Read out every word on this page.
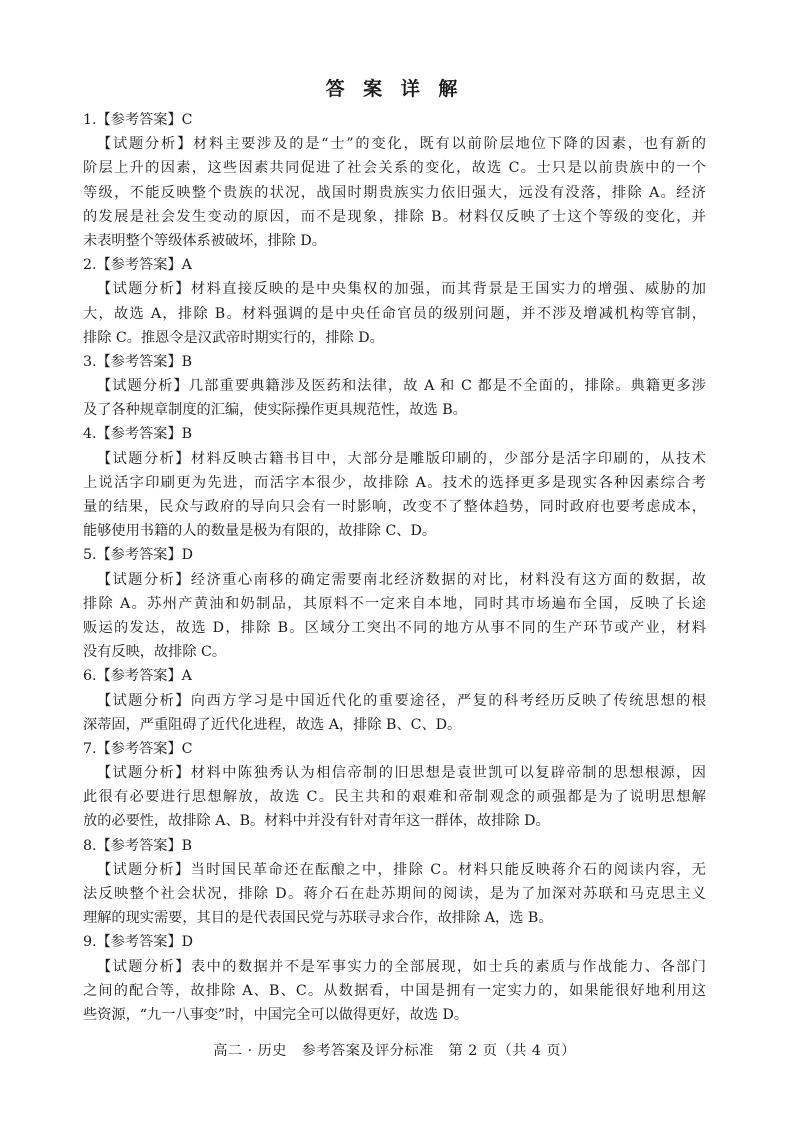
答 案 详 解
1.【参考答案】C
【试题分析】材料主要涉及的是“士”的变化，既有以前阶层地位下降的因素，也有新的
阶层上升的因素，这些因素共同促进了社会关系的变化，故选 C。士只是以前贵族中的一个
等级，不能反映整个贵族的状况，战国时期贵族实力依旧强大，远没有没落，排除 A。经济
的发展是社会发生变动的原因，而不是现象，排除 B。材料仅反映了士这个等级的变化，并
未表明整个等级体系被破坏，排除 D。
2.【参考答案】A
【试题分析】材料直接反映的是中央集权的加强，而其背景是王国实力的增强、威胁的加
大，故选 A，排除 B。材料强调的是中央任命官员的级别问题，并不涉及增减机构等官制，
排除 C。推恩令是汉武帝时期实行的，排除 D。
3.【参考答案】B
【试题分析】几部重要典籍涉及医药和法律，故 A 和 C 都是不全面的，排除。典籍更多涉
及了各种规章制度的汇编，使实际操作更具规范性，故选 B。
4.【参考答案】B
【试题分析】材料反映古籍书目中，大部分是雕版印刷的，少部分是活字印刷的，从技术
上说活字印刷更为先进，而活字本很少，故排除 A。技术的选择更多是现实各种因素综合考
量的结果，民众与政府的导向只会有一时影响，改变不了整体趋势，同时政府也要考虑成本，
能够使用书籍的人的数量是极为有限的，故排除 C、D。
5.【参考答案】D
【试题分析】经济重心南移的确定需要南北经济数据的对比，材料没有这方面的数据，故
排除 A。苏州产黄油和奶制品，其原料不一定来自本地，同时其市场遍布全国，反映了长途
贩运的发达，故选 D，排除 B。区域分工突出不同的地方从事不同的生产环节或产业，材料
没有反映，故排除 C。
6.【参考答案】A
【试题分析】向西方学习是中国近代化的重要途径，严复的科考经历反映了传统思想的根
深蒂固，严重阻碍了近代化进程，故选 A，排除 B、C、D。
7.【参考答案】C
【试题分析】材料中陈独秀认为相信帝制的旧思想是袁世凯可以复辟帝制的思想根源，因
此很有必要进行思想解放，故选 C。民主共和的艰难和帝制观念的顽强都是为了说明思想解
放的必要性，故排除 A、B。材料中并没有针对青年这一群体，故排除 D。
8.【参考答案】B
【试题分析】当时国民革命还在酝酿之中，排除 C。材料只能反映蒋介石的阅读内容，无
法反映整个社会状况，排除 D。蒋介石在赴苏期间的阅读，是为了加深对苏联和马克思主义
理解的现实需要，其目的是代表国民党与苏联寻求合作，故排除 A，选 B。
9.【参考答案】D
【试题分析】表中的数据并不是军事实力的全部展现，如士兵的素质与作战能力、各部门
之间的配合等，故排除 A、B、C。从数据看，中国是拥有一定实力的，如果能很好地利用这
些资源，“九一八事变”时，中国完全可以做得更好，故选 D。
高二 · 历史　参考答案及评分标准　第 2 页（共 4 页）
